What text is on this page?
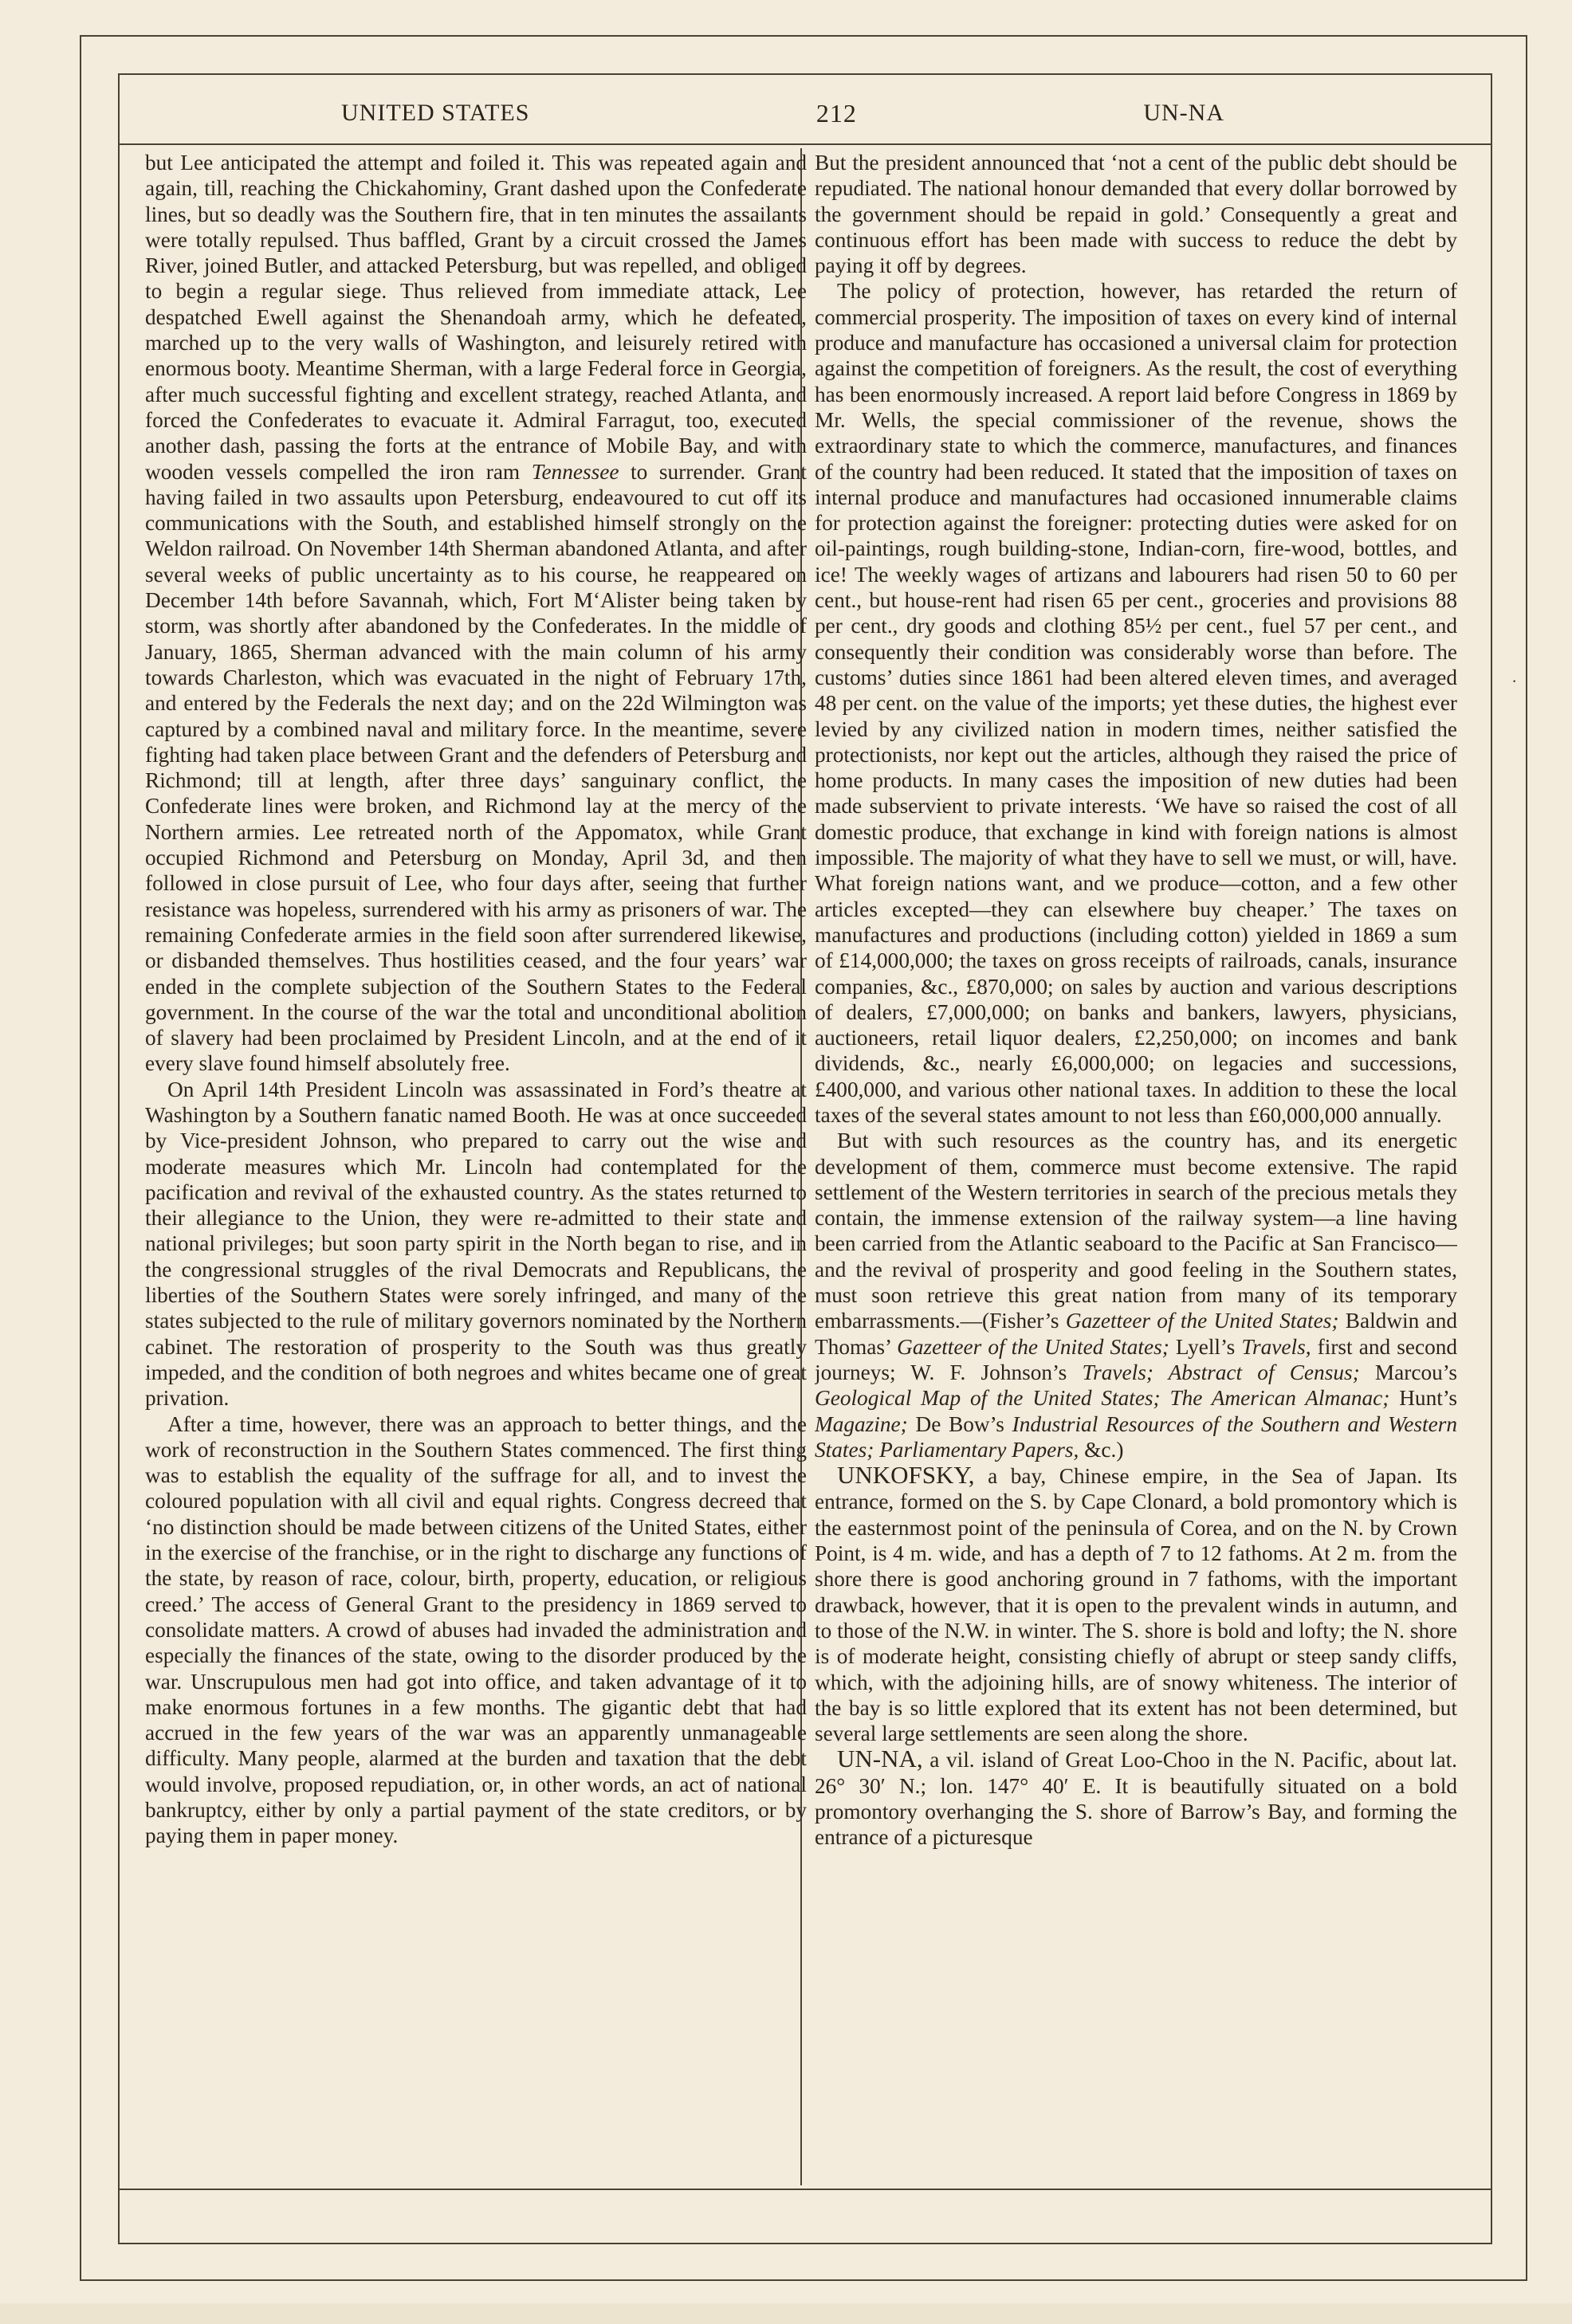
UNITED STATES	212	UN-NA

but Lee anticipated the attempt and foiled it. This was repeated again and again, till, reaching the Chickahominy, Grant dashed upon the Confederate lines, but so deadly was the Southern fire, that in ten minutes the assailants were totally repulsed. Thus baffled, Grant by a circuit crossed the James River, joined Butler, and attacked Petersburg, but was repelled, and obliged to begin a regular siege. Thus relieved from immediate attack, Lee despatched Ewell against the Shenandoah army, which he defeated, marched up to the very walls of Washington, and leisurely retired with enormous booty. Meantime Sherman, with a large Federal force in Georgia, after much successful fighting and excellent strategy, reached Atlanta, and forced the Confederates to evacuate it. Admiral Farragut, too, executed another dash, passing the forts at the entrance of Mobile Bay, and with wooden vessels compelled the iron ram Tennessee to surrender. Grant having failed in two assaults upon Petersburg, endeavoured to cut off its communications with the South, and established himself strongly on the Weldon railroad. On November 14th Sherman abandoned Atlanta, and after several weeks of public uncertainty as to his course, he reappeared on December 14th before Savannah, which, Fort M‘Alister being taken by storm, was shortly after abandoned by the Confederates. In the middle of January, 1865, Sherman advanced with the main column of his army towards Charleston, which was evacuated in the night of February 17th, and entered by the Federals the next day; and on the 22d Wilmington was captured by a combined naval and military force. In the meantime, severe fighting had taken place between Grant and the defenders of Petersburg and Richmond; till at length, after three days’ sanguinary conflict, the Confederate lines were broken, and Richmond lay at the mercy of the Northern armies. Lee retreated north of the Appomatox, while Grant occupied Richmond and Petersburg on Monday, April 3d, and then followed in close pursuit of Lee, who four days after, seeing that further resistance was hopeless, surrendered with his army as prisoners of war. The remaining Confederate armies in the field soon after surrendered likewise, or disbanded themselves. Thus hostilities ceased, and the four years’ war ended in the complete subjection of the Southern States to the Federal government. In the course of the war the total and unconditional abolition of slavery had been proclaimed by President Lincoln, and at the end of it every slave found himself absolutely free.

On April 14th President Lincoln was assassinated in Ford’s theatre at Washington by a Southern fanatic named Booth. He was at once succeeded by Vice-president Johnson, who prepared to carry out the wise and moderate measures which Mr. Lincoln had contemplated for the pacification and revival of the exhausted country. As the states returned to their allegiance to the Union, they were re-admitted to their state and national privileges; but soon party spirit in the North began to rise, and in the congressional struggles of the rival Democrats and Republicans, the liberties of the Southern States were sorely infringed, and many of the states subjected to the rule of military governors nominated by the Northern cabinet. The restoration of prosperity to the South was thus greatly impeded, and the condition of both negroes and whites became one of great privation.

After a time, however, there was an approach to better things, and the work of reconstruction in the Southern States commenced. The first thing was to establish the equality of the suffrage for all, and to invest the coloured population with all civil and equal rights. Congress decreed that ‘no distinction should be made between citizens of the United States, either in the exercise of the franchise, or in the right to discharge any functions of the state, by reason of race, colour, birth, property, education, or religious creed.’ The access of General Grant to the presidency in 1869 served to consolidate matters. A crowd of abuses had invaded the administration and especially the finances of the state, owing to the disorder produced by the war. Unscrupulous men had got into office, and taken advantage of it to make enormous fortunes in a few months. The gigantic debt that had accrued in the few years of the war was an apparently unmanageable difficulty. Many people, alarmed at the burden and taxation that the debt would involve, proposed repudiation, or, in other words, an act of national bankruptcy, either by only a partial payment of the state creditors, or by paying them in paper money.

But the president announced that ‘not a cent of the public debt should be repudiated. The national honour demanded that every dollar borrowed by the government should be repaid in gold.’ Consequently a great and continuous effort has been made with success to reduce the debt by paying it off by degrees.

The policy of protection, however, has retarded the return of commercial prosperity. The imposition of taxes on every kind of internal produce and manufacture has occasioned a universal claim for protection against the competition of foreigners. As the result, the cost of everything has been enormously increased. A report laid before Congress in 1869 by Mr. Wells, the special commissioner of the revenue, shows the extraordinary state to which the commerce, manufactures, and finances of the country had been reduced. It stated that the imposition of taxes on internal produce and manufactures had occasioned innumerable claims for protection against the foreigner: protecting duties were asked for on oil-paintings, rough building-stone, Indian-corn, fire-wood, bottles, and ice! The weekly wages of artizans and labourers had risen 50 to 60 per cent., but house-rent had risen 65 per cent., groceries and provisions 88 per cent., dry goods and clothing 85½ per cent., fuel 57 per cent., and consequently their condition was considerably worse than before. The customs’ duties since 1861 had been altered eleven times, and averaged 48 per cent. on the value of the imports; yet these duties, the highest ever levied by any civilized nation in modern times, neither satisfied the protectionists, nor kept out the articles, although they raised the price of home products. In many cases the imposition of new duties had been made subservient to private interests. ‘We have so raised the cost of all domestic produce, that exchange in kind with foreign nations is almost impossible. The majority of what they have to sell we must, or will, have. What foreign nations want, and we produce—cotton, and a few other articles excepted—they can elsewhere buy cheaper.’ The taxes on manufactures and productions (including cotton) yielded in 1869 a sum of £14,000,000; the taxes on gross receipts of railroads, canals, insurance companies, &c., £870,000; on sales by auction and various descriptions of dealers, £7,000,000; on banks and bankers, lawyers, physicians, auctioneers, retail liquor dealers, £2,250,000; on incomes and bank dividends, &c., nearly £6,000,000; on legacies and successions, £400,000, and various other national taxes. In addition to these the local taxes of the several states amount to not less than £60,000,000 annually.

But with such resources as the country has, and its energetic development of them, commerce must become extensive. The rapid settlement of the Western territories in search of the precious metals they contain, the immense extension of the railway system—a line having been carried from the Atlantic seaboard to the Pacific at San Francisco—and the revival of prosperity and good feeling in the Southern states, must soon retrieve this great nation from many of its temporary embarrassments.—(Fisher’s Gazetteer of the United States; Baldwin and Thomas’ Gazetteer of the United States; Lyell’s Travels, first and second journeys; W. F. Johnson’s Travels; Abstract of Census; Marcou’s Geological Map of the United States; The American Almanac; Hunt’s Magazine; De Bow’s Industrial Resources of the Southern and Western States; Parliamentary Papers, &c.)

UNKOFSKY, a bay, Chinese empire, in the Sea of Japan. Its entrance, formed on the S. by Cape Clonard, a bold promontory which is the easternmost point of the peninsula of Corea, and on the N. by Crown Point, is 4 m. wide, and has a depth of 7 to 12 fathoms. At 2 m. from the shore there is good anchoring ground in 7 fathoms, with the important drawback, however, that it is open to the prevalent winds in autumn, and to those of the N.W. in winter. The S. shore is bold and lofty; the N. shore is of moderate height, consisting chiefly of abrupt or steep sandy cliffs, which, with the adjoining hills, are of snowy whiteness. The interior of the bay is so little explored that its extent has not been determined, but several large settlements are seen along the shore.

UN-NA, a vil. island of Great Loo-Choo in the N. Pacific, about lat. 26° 30′ N.; lon. 147° 40′ E. It is beautifully situated on a bold promontory overhanging the S. shore of Barrow’s Bay, and forming the entrance of a picturesque

·
